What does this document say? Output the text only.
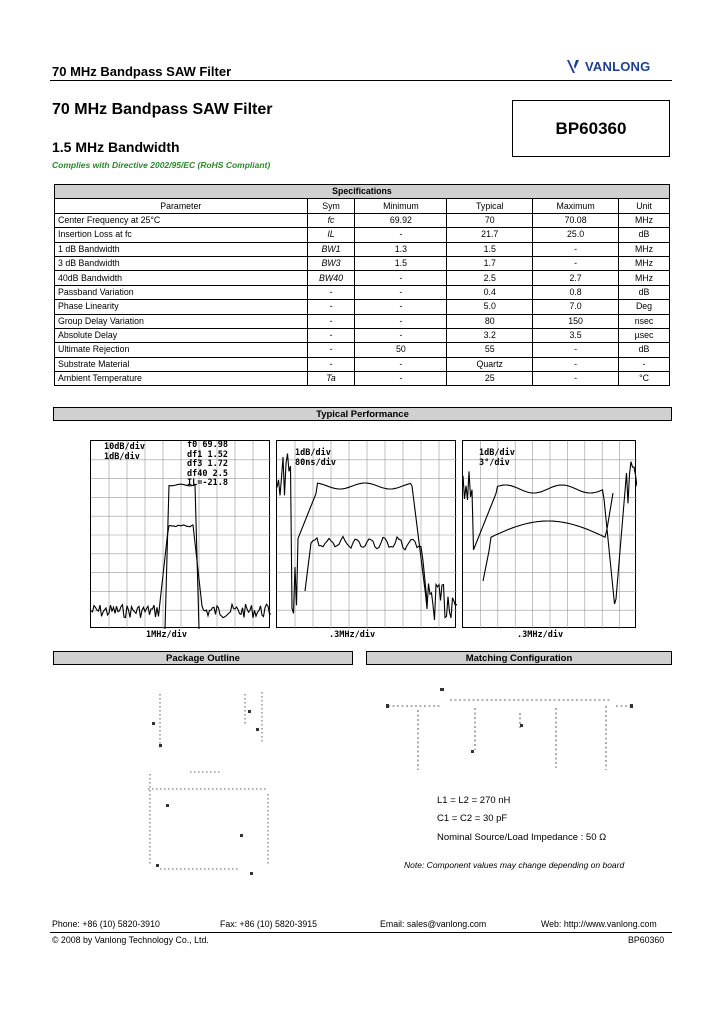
70 MHz Bandpass SAW Filter	VANLONG
70 MHz Bandpass SAW Filter
BP60360
1.5 MHz Bandwidth
Complies with Directive 2002/95/EC (RoHS Compliant)
Specifications					
Parameter	Sym	Minimum	Typical	Maximum	Unit
Center Frequency at 25°C	fc	69.92	70	70.08	MHz
Insertion Loss at fc	IL	-	21.7	25.0	dB
1 dB Bandwidth	BW1	1.3	1.5	-	MHz
3 dB Bandwidth	BW3	1.5	1.7	-	MHz
40dB Bandwidth	BW40	-	2.5	2.7	MHz
Passband Variation	-	-	0.4	0.8	dB
Phase Linearity	-	-	5.0	7.0	Deg
Group Delay Variation	-	-	80	150	nsec
Absolute Delay	-	-	3.2	3.5	µsec
Ultimate Rejection	-	50	55	-	dB
Substrate Material	-	-	Quartz	-	-
Ambient Temperature	Ta	-	25	-	°C
Typical Performance
10dB/div
1dB/div
f0 69.98
df1 1.52
df3 1.72
df40 2.5
IL=-21.8
1MHz/div
1dB/div
80ns/div
.3MHz/div
1dB/div
3°/div
.3MHz/div
Package Outline	Matching Configuration
L1 = L2 = 270 nH
C1 = C2 = 30 pF
Nominal Source/Load Impedance : 50 Ω
Note: Component values may change depending on board
Phone: +86 (10) 5820-3910	Fax: +86 (10) 5820-3915	Email: sales@vanlong.com	Web: http://www.vanlong.com
© 2008 by Vanlong Technology Co., Ltd.	BP60360
